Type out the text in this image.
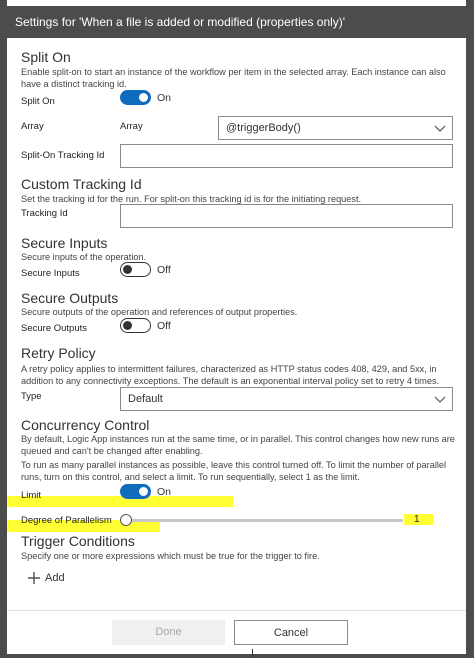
Settings for 'When a file is added or modified (properties only)'
Split On
Enable split-on to start an instance of the workflow per item in the selected array. Each instance can also have a distinct tracking id.
Split On	On
Array	Array	@triggerBody()
Split-On Tracking Id
Custom Tracking Id
Set the tracking id for the run. For split-on this tracking id is for the initiating request.
Tracking Id
Secure Inputs
Secure inputs of the operation.
Secure Inputs	Off
Secure Outputs
Secure outputs of the operation and references of output properties.
Secure Outputs	Off
Retry Policy
A retry policy applies to intermittent failures, characterized as HTTP status codes 408, 429, and 5xx, in addition to any connectivity exceptions. The default is an exponential interval policy set to retry 4 times.
Type	Default
Concurrency Control
By default, Logic App instances run at the same time, or in parallel. This control changes how new runs are queued and can't be changed after enabling.
To run as many parallel instances as possible, leave this control turned off. To limit the number of parallel runs, turn on this control, and select a limit. To run sequentially, select 1 as the limit.
Limit	On
Degree of Parallelism	1
Trigger Conditions
Specify one or more expressions which must be true for the trigger to fire.
Add
Done	Cancel
